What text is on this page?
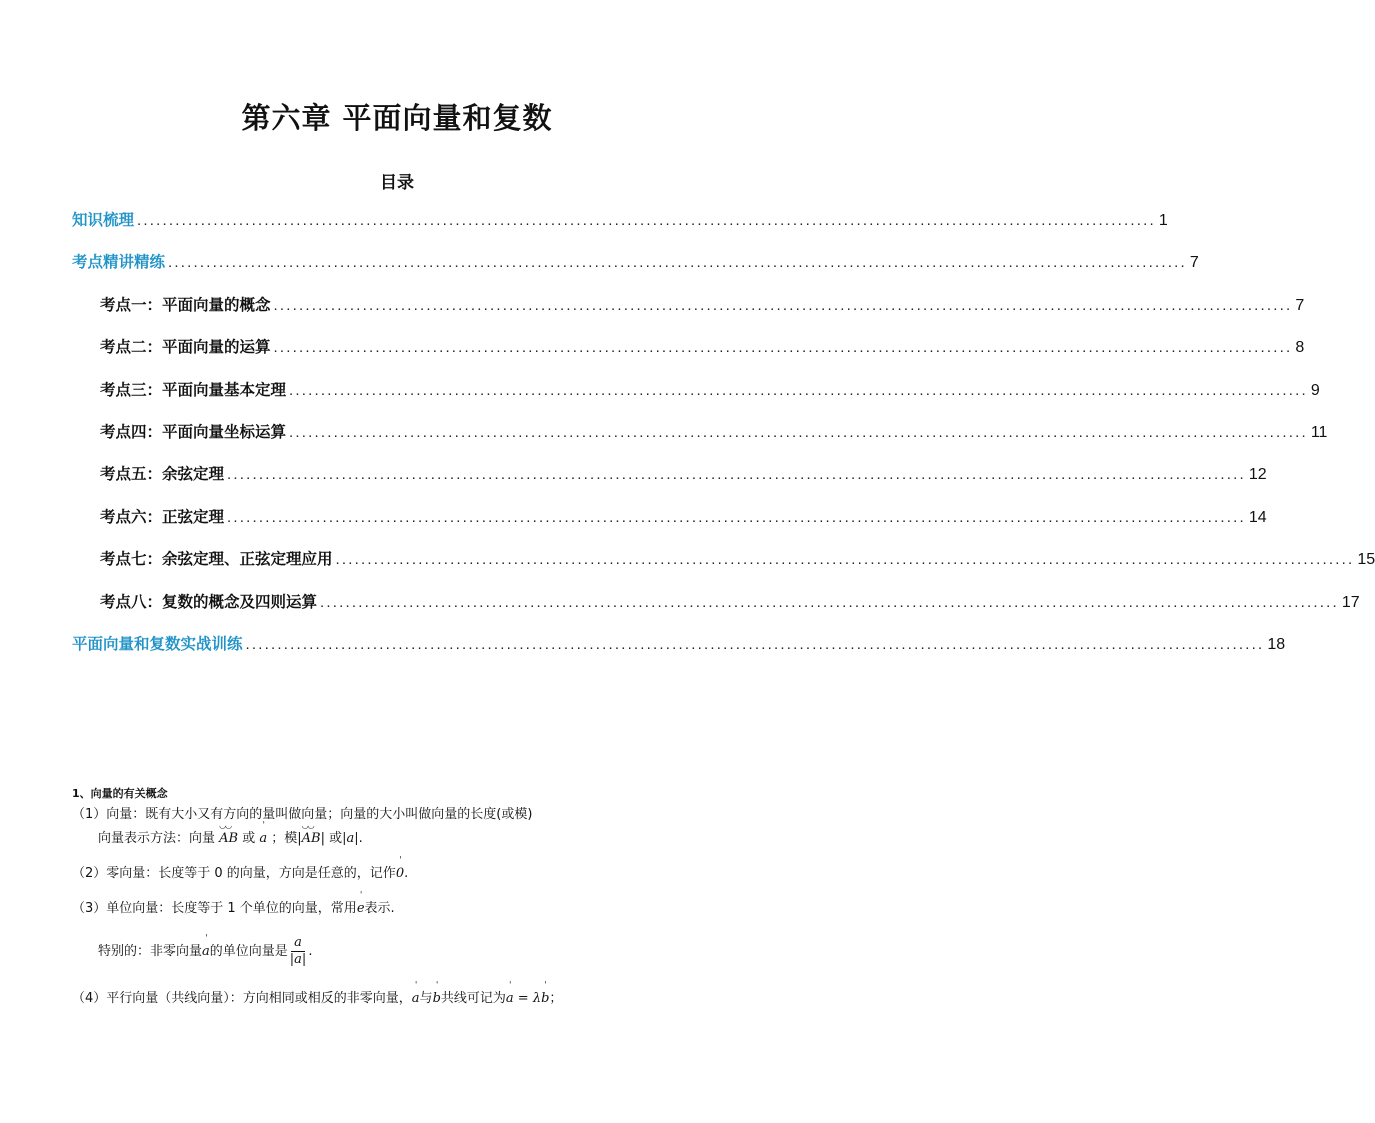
第六章 平面向量和复数
目录
知识梳理 ................................................................................................................................................................ 1
考点精讲精练 ................................................................................................................................................................ 7
考点一：平面向量的概念 ................................................................................................................................................................ 7
考点二：平面向量的运算 ................................................................................................................................................................ 8
考点三：平面向量基本定理 ................................................................................................................................................................ 9
考点四：平面向量坐标运算 ................................................................................................................................................................ 11
考点五：余弦定理 ................................................................................................................................................................ 12
考点六：正弦定理 ................................................................................................................................................................ 14
考点七：余弦定理、正弦定理应用 ................................................................................................................................................................ 15
考点八：复数的概念及四则运算 ................................................................................................................................................................ 17
平面向量和复数实战训练 ................................................................................................................................................................ 18
1、向量的有关概念
（1）向量：既有大小又有方向的量叫做向量；向量的大小叫做向量的长度(或模)
向量表示方法：向量 ◡◡ AB 或 ' a ；模|◡◡ AB| 或|a|.
（2）零向量：长度等于 0 的向量，方向是任意的，记作' 0.
（3）单位向量：长度等于 1 个单位的向量，常用' e表示.
特别的：非零向量' a的单位向量是 $\frac{a}{|a|}$ .
（4）平行向量（共线向量）：方向相同或相反的非零向量，' a与' b共线可记为' a = λ' b；
